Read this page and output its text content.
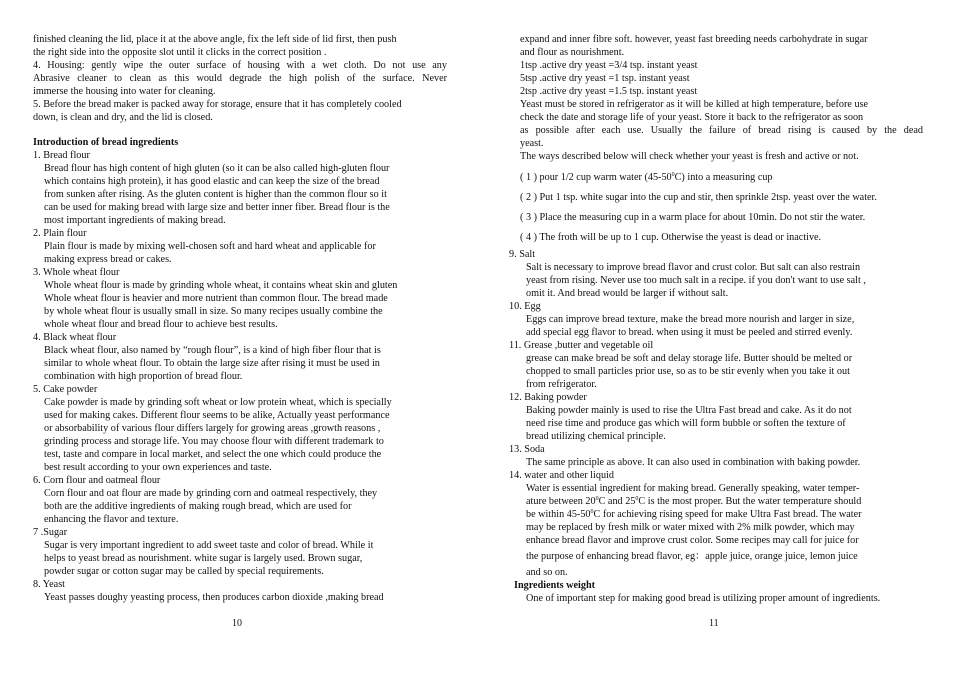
finished cleaning the lid, place it at the above angle, fix the left side of lid first, then push
the right side into the opposite slot until it clicks in the correct position .
4. Housing: gently wipe the outer surface of housing with a wet cloth. Do not use any
Abrasive cleaner to clean as this would degrade the high polish of the surface. Never
immerse the housing into water for cleaning.
5. Before the bread maker is packed away for storage, ensure that it has completely cooled
down, is clean and dry, and the lid is closed.
Introduction of bread ingredients
1. Bread flour
Bread flour has high content of high gluten (so it can be also called high-gluten flour
which contains high protein), it has good elastic and can keep the size of the bread
from sunken after rising. As the gluten content is higher than the common flour so it
can be used for making bread with large size and better inner fiber. Bread flour is the
most important ingredients of making bread.
2. Plain flour
Plain flour is made by mixing well-chosen soft and hard wheat and applicable for
making express bread or cakes.
3. Whole wheat flour
Whole wheat flour is made by grinding whole wheat, it contains wheat skin and gluten
Whole wheat flour is heavier and more nutrient than common flour. The bread made
by whole wheat flour is usually small in size. So many recipes usually combine the
whole wheat flour and bread flour to achieve best results.
4. Black wheat flour
Black wheat flour, also named by “rough flour”, is a kind of high fiber flour that is
similar to whole wheat flour. To obtain the large size after rising it must be used in
combination with high proportion of bread flour.
5. Cake powder
Cake powder is made by grinding soft wheat or low protein wheat, which is specially
used for making cakes. Different flour seems to be alike, Actually yeast performance
or absorbability of various flour differs largely for growing areas ,growth reasons ,
grinding process and storage life. You may choose flour with different trademark to
test, taste and compare in local market, and select the one which could produce the
best result according to your own experiences and taste.
6. Corn flour and oatmeal flour
Corn flour and oat flour are made by grinding corn and oatmeal respectively, they
both are the additive ingredients of making rough bread, which are used for
enhancing the flavor and texture.
7 .Sugar
Sugar is very important ingredient to add sweet taste and color of bread. While it
helps to yeast bread as nourishment. white sugar is largely used. Brown sugar,
powder sugar or cotton sugar may be called by special requirements.
8. Yeast
Yeast passes doughy yeasting process, then produces carbon dioxide ,making bread
expand and inner fibre soft. however, yeast fast breeding needs carbohydrate in sugar
and flour as nourishment.
1tsp .active dry yeast =3/4 tsp. instant yeast
5tsp .active dry yeast =1 tsp. instant yeast
2tsp .active dry yeast =1.5 tsp. instant yeast
Yeast must be stored in refrigerator as it will be killed at high temperature, before use
check the date and storage life of your yeast. Store it back to the refrigerator as soon
as possible after each use. Usually the failure of bread rising is caused by the dead
yeast.
The ways described below will check whether your yeast is fresh and active or not.
( 1 ) pour 1/2 cup warm water $(45-50^0C)$ into a measuring cup
( 2 ) Put 1 tsp. white sugar into the cup and stir, then sprinkle 2tsp. yeast over the water.
( 3 ) Place the measuring cup in a warm place for about 10min. Do not stir the water.
( 4 ) The froth will be up to 1 cup. Otherwise the yeast is dead or inactive.
9. Salt
Salt is necessary to improve bread flavor and crust color. But salt can also restrain
yeast from rising. Never use too much salt in a recipe. if you don't want to use salt ,
omit it. And bread would be larger if without salt.
10. Egg
Eggs can improve bread texture, make the bread more nourish and larger in size,
add special egg flavor to bread. when using it must be peeled and stirred evenly.
11. Grease ,butter and vegetable oil
grease can make bread be soft and delay storage life. Butter should be melted or
chopped to small particles prior use, so as to be stir evenly when you take it out
from refrigerator.
12. Baking powder
Baking powder mainly is used to rise the Ultra Fast bread and cake. As it do not
need rise time and produce gas which will form bubble or soften the texture of
bread utilizing chemical principle.
13. Soda
The same principle as above. It can also used in combination with baking powder.
14. water and other liquid
Water is essential ingredient for making bread. Generally speaking, water temper-
ature between $20^0C$ and $25^0C$ is the most proper. But the water temperature should
be within $45-50^0C$ for achieving rising speed for make Ultra Fast bread. The water
may be replaced by fresh milk or water mixed with 2% milk powder, which may
enhance bread flavor and improve crust color. Some recipes may call for juice for
the purpose of enhancing bread flavor, eg：apple juice, orange juice, lemon juice
and so on.
Ingredients weight
One of important step for making good bread is utilizing proper amount of ingredients.
10	11
